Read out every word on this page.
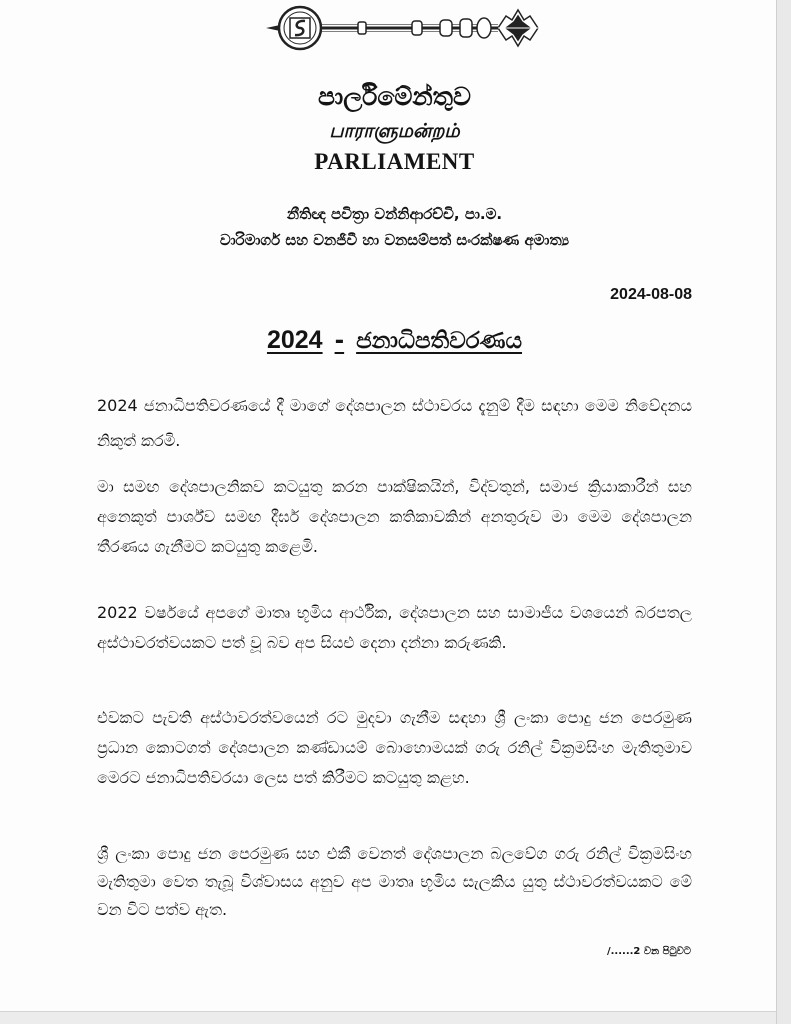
පාර්ලිමේන්තුව
பாராளுமன்றம்
PARLIAMENT
නීතිඥ පවිත්‍රා වන්නිආරච්චි, පා.ම.
වාරිමාර්ග සහ වනජීවී හා වනසම්පත් සංරක්ෂණ අමාත්‍ය
2024-08-08
2024 - ජනාධිපතිවරණය

2024 ජනාධිපතිවරණයේ දී මාගේ දේශපාලන ස්ථාවරය දැනුම් දීම සඳහා මෙම නිවේදනය නිකුත් කරමි.

මා සමඟ දේශපාලනිකව කටයුතු කරන පාක්ෂිකයින්, විද්වතුන්, සමාජ ක්‍රියාකාරීන් සහ අනෙකුත් පාර්ශ්ව සමඟ දීර්ඝ දේශපාලන කතිකාවකින් අනතුරුව මා මෙම දේශපාලන තීරණය ගැනීමට කටයුතු කළෙමි.

2022 වර්ෂයේ අපගේ මාතෘ භූමිය ආර්ථික, දේශපාලන සහ සාමාජීය වශයෙන් බරපතල අස්ථාවරත්වයකට පත් වූ බව අප සියළු දෙනා දන්නා කරුණකි.

එවකට පැවති අස්ථාවරත්වයෙන් රට මුදවා ගැනීම සඳහා ශ්‍රී ලංකා පොදු ජන පෙරමුණ ප්‍රධාන කොටගත් දේශපාලන කණ්ඩායම් බොහොමයක් ගරු රනිල් වික්‍රමසිංහ මැතිතුමාව මෙරට ජනාධිපතිවරයා ලෙස පත් කිරීමට කටයුතු කළහ.

ශ්‍රී ලංකා පොදු ජන පෙරමුණ සහ එකී වෙනත් දේශපාලන බලවේග ගරු රනිල් වික්‍රමසිංහ මැතිතුමා වෙත තැබූ විශ්වාසය අනුව අප මාතෘ භූමිය සැලකිය යුතු ස්ථාවරත්වයකට මේ වන විට පත්ව ඇත.

/......2 වන පිටුවට
